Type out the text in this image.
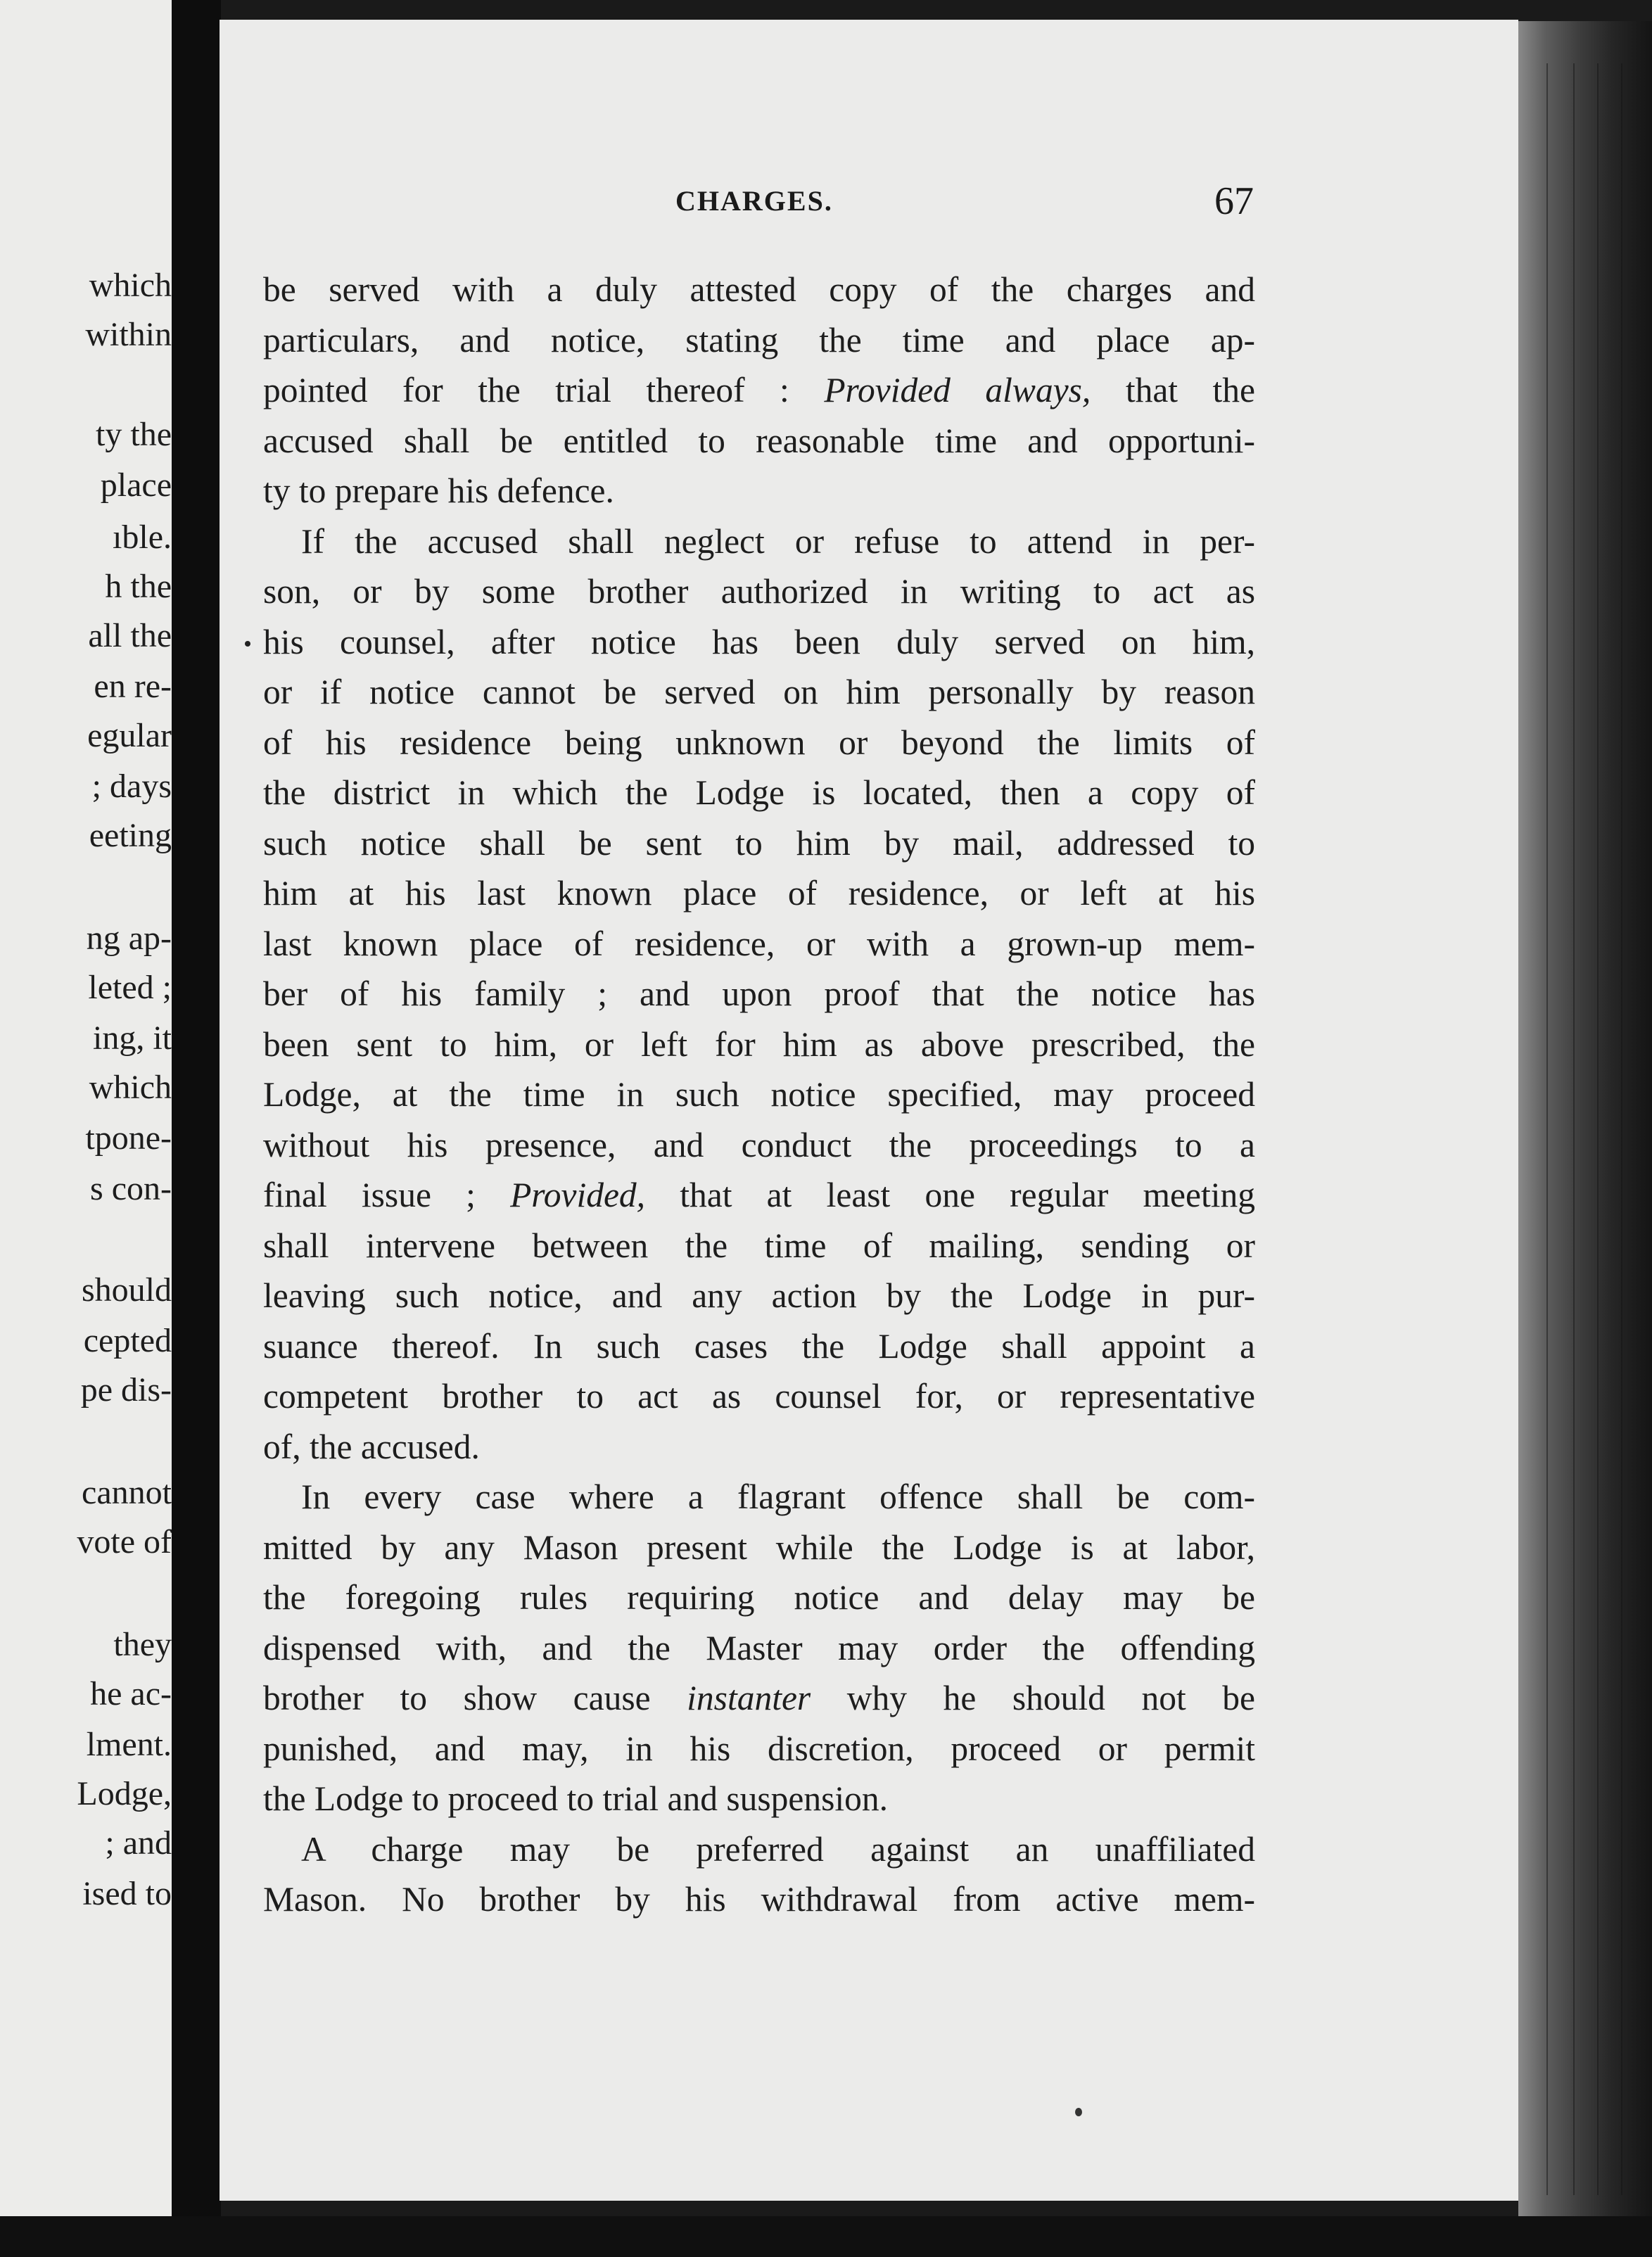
which
within
ty the
place
ıble.
h the
all the
en re-
egular
; days
eeting
ng ap-
leted ;
ing, it
which
tpone-
s con-
should
cepted
pe dis-
cannot
vote of
they
he ac-
lment.
Lodge,
; and
ised to
CHARGES.	67
be served with a duly attested copy of the charges and
particulars, and notice, stating the time and place ap-
pointed for the trial thereof : Provided always, that the
accused shall be entitled to reasonable time and opportuni-
ty to prepare his defence.
If the accused shall neglect or refuse to attend in per-
son, or by some brother authorized in writing to act as
his counsel, after notice has been duly served on him,
or if notice cannot be served on him personally by reason
of his residence being unknown or beyond the limits of
the district in which the Lodge is located, then a copy of
such notice shall be sent to him by mail, addressed to
him at his last known place of residence, or left at his
last known place of residence, or with a grown-up mem-
ber of his family ; and upon proof that the notice has
been sent to him, or left for him as above prescribed, the
Lodge, at the time in such notice specified, may proceed
without his presence, and conduct the proceedings to a
final issue ; Provided, that at least one regular meeting
shall intervene between the time of mailing, sending or
leaving such notice, and any action by the Lodge in pur-
suance thereof. In such cases the Lodge shall appoint a
competent brother to act as counsel for, or representative
of, the accused.
In every case where a flagrant offence shall be com-
mitted by any Mason present while the Lodge is at labor,
the foregoing rules requiring notice and delay may be
dispensed with, and the Master may order the offending
brother to show cause instanter why he should not be
punished, and may, in his discretion, proceed or permit
the Lodge to proceed to trial and suspension.
A charge may be preferred against an unaffiliated
Mason. No brother by his withdrawal from active mem-
